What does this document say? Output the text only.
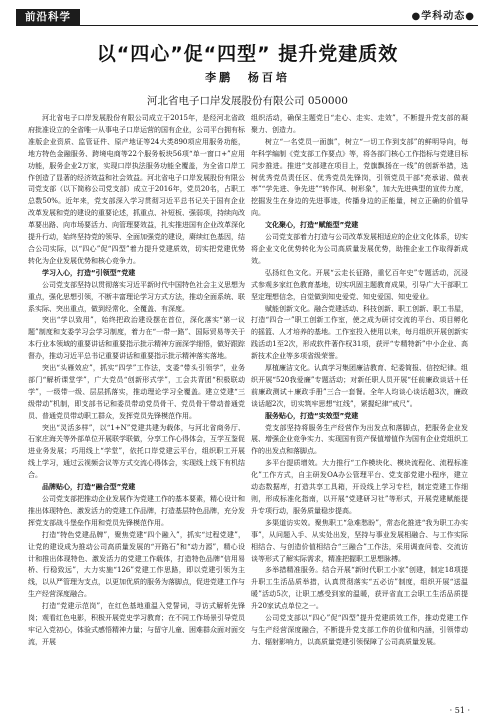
前沿科学	●学科动态●
以“四心”促“四型” 提升党建质效
李鹏 杨百培
河北省电子口岸发展股份有限公司 050000

河北省电子口岸发展股份有限公司成立于2015年，是经河北省政府批准设立的全省唯一从事电子口岸运营的国有企业，公司平台拥有标准版企业资质、监管证件、原产地证等24大类890项应用服务功能，地方特色金融服务、跨境电商等22个服务板块56项“单一窗口+”应用功能，服务企业2万家，实现口岸执法服务功能全覆盖，为全省口岸工作创造了显著的经济效益和社会效益。河北省电子口岸发展股份有限公司党支部（以下简称公司党支部）成立于2016年，党员20名，占职工总数50%。近年来，党支部深入学习贯彻习近平总书记关于国有企业改革发展和党的建设的重要论述，抓重点、补短板、强弱项，持续向改革要出路、向市场要活力、向管理要效益，扎实推进国有企业改革深化提升行动，始终坚持党的领导、全面加强党的建设，赓续红色基因，结合公司实际，以“四心”促“四型”着力提升党建质效，切实把党建优势转化为企业发展优势和核心竞争力。

学习入心，打造“引领型”党建

公司党支部坚持以贯彻落实习近平新时代中国特色社会主义思想为重点，强化思想引领，不断丰富理论学习方式方法，推动全面系统、联系实际、突出重点，做到经常化、全覆盖、有深度。

突出“学以致用”，始终把政治建设摆在首位，深化落实“第一议题”制度和支委学习会学习制度，着力在“一带一路”、国际贸易等关于本行业本领域的重要讲话和重要指示批示精神方面深学细悟，做好跟踪督办，推动习近平总书记重要讲话和重要指示批示精神落实落地。

突出“头雁效应”，抓实“四学”工作法，支委“带头引领学”，业务部门“解析课堂学”，广大党员“创新形式学”，工会共青团“积极联动学”，一级带一级、层层抓落实，推动理论学习全覆盖。建立党建“三级带动”机制，即支部书记和委员带动党员骨干、党员骨干带动普通党员、普通党员带动职工群众，发挥党员先锋模范作用。

突出“灵活多样”，以“1+N”党建共建为载体，与河北省商务厅、石家庄海关等外部单位开展联学联做，分享工作心得体会，互学互鉴促进业务发展；巧用线上“学堂”，依托口岸党建云平台，组织职工开展线上学习，通过云视频会议等方式交流心得体会，实现线上线下有机结合。

品牌贴心，打造“融合型”党建

公司党支部把推动企业发展作为党建工作的基本要素，精心设计和推出体现特色、激发活力的党建工作品牌，打造基层特色品牌，充分发挥党支部战斗堡垒作用和党员先锋模范作用。

打造“特色党建品牌”，聚焦党建“四个融入”，抓实“过程党建”，让党的建设成为推动公司高质量发展的“开路石”和“动力源”，精心设计和推出体现特色、激发活力的党建工作载体，打造特色品牌“信用易桥、行稳致远”，大力实施“126”党建工作思路，即以党建引领为主线，以从严管理为支点，以更加优质的服务为落脚点，促进党建工作与生产经营深度融合。

打造“党建示范岗”，在红色基地重温入党誓词，寻访式解析先锋岗；观看红色电影，积极开展党史学习教育；在不同工作场景引导党员牢记入党初心，体验式感悟精神力量；与留守儿童、困难群众面对面交流，开展

组织活动，确保主题党日“走心、走实、走效”，不断提升党支部的凝聚力、创造力。

树立“一名党员一面旗”，树立“一切工作到支部”的鲜明导向，每年科学编制《党支部工作要点》等，将各部门核心工作指标与党建目标同步推进。推进“支部建在项目上，党旗飘扬在一线”的创新举措，选树优秀党员责任区、优秀党员先锋岗，引领党员干部“亮承诺、做表率”“学先进、争先进”“转作风、树形象”，加大先进典型的宣传力度，挖掘发生在身边的先进事迹，传播身边的正能量，树立正确的价值导向。

文化聚心，打造“赋能型”党建

公司党支部着力打造与公司改革发展相适应的企业文化体系，切实将企业文化优势转化为公司高质量发展优势，助推企业工作取得新成效。

弘扬红色文化。开展“云走长征路，重忆百年史”专题活动，沉浸式参观多家红色教育基地，切实巩固主题教育成果，引导广大干部职工坚定理想信念，自觉做到知史爱党、知史爱国、知史爱业。

赋能创新文化。融合党建活动、科技创新、职工创新、职工书屋，打造“四合一”职工创新工作室，使之成为研讨交流的平台、项目孵化的摇篮、人才培养的基地。工作室投入使用以来，每月组织开展创新实践活动1至2次，形成软件著作权31项，获评“专精特新”中小企业、高新技术企业等多项省级荣誉。

厚植廉洁文化。认真学习集团廉洁教育、纪委简报、信控纪律。组织开展“520我爱廉”专题活动；对新任职人员开展“任前廉政谈话＋任前廉政测试＋廉政手册”三合一套餐。全年人均谈心谈话超3次，廉政谈话超2次，切实筑牢思想“红线”，紧握纪律“戒尺”。

服务贴心，打造“实效型”党建

党支部坚持将服务生产经营作为出发点和落脚点，把服务企业发展、增强企业竞争实力、实现国有资产保值增值作为国有企业党组织工作的出发点和落脚点。

多平台提质增效。大力推行“工作模块化、模块流程化、流程标准化”工作方式，自主研发OA办公管理平台、党支部党建小程序，建立动态数据库，打造共享工具箱，开设线上学习专栏，制定党建工作细则，形成标准化指南，以开展“党建研习社”等形式，开展党建赋能提升专项行动，服务质量稳步提高。

多渠道访实效。聚焦职工“急难愁盼”，常态化推进“我为职工办实事”，从问题入手、从实处出发，坚持与事业发展相融合、与工作实际相结合、与创造价值相结合“三融合”工作法，采用调查问卷、交流访谈等形式了解实际需求，精准把握职工思想脉搏。

多举措精准服务。结合开展“新时代职工小家”创建，制定18项提升职工生活品质举措，认真贯彻落实“五必访”制度，组织开展“送温暖”活动5次，让职工感受到家的温暖，获评省直工会职工生活品质提升20家试点单位之一。

公司党支部以“四心”促“四型”提升党建质效工作，推动党建工作与生产经营深度融合，不断提升党支部工作的价值和内涵，引领带动力、辐射影响力，以高质量党建引领保障了公司高质量发展。

· 51 ·
